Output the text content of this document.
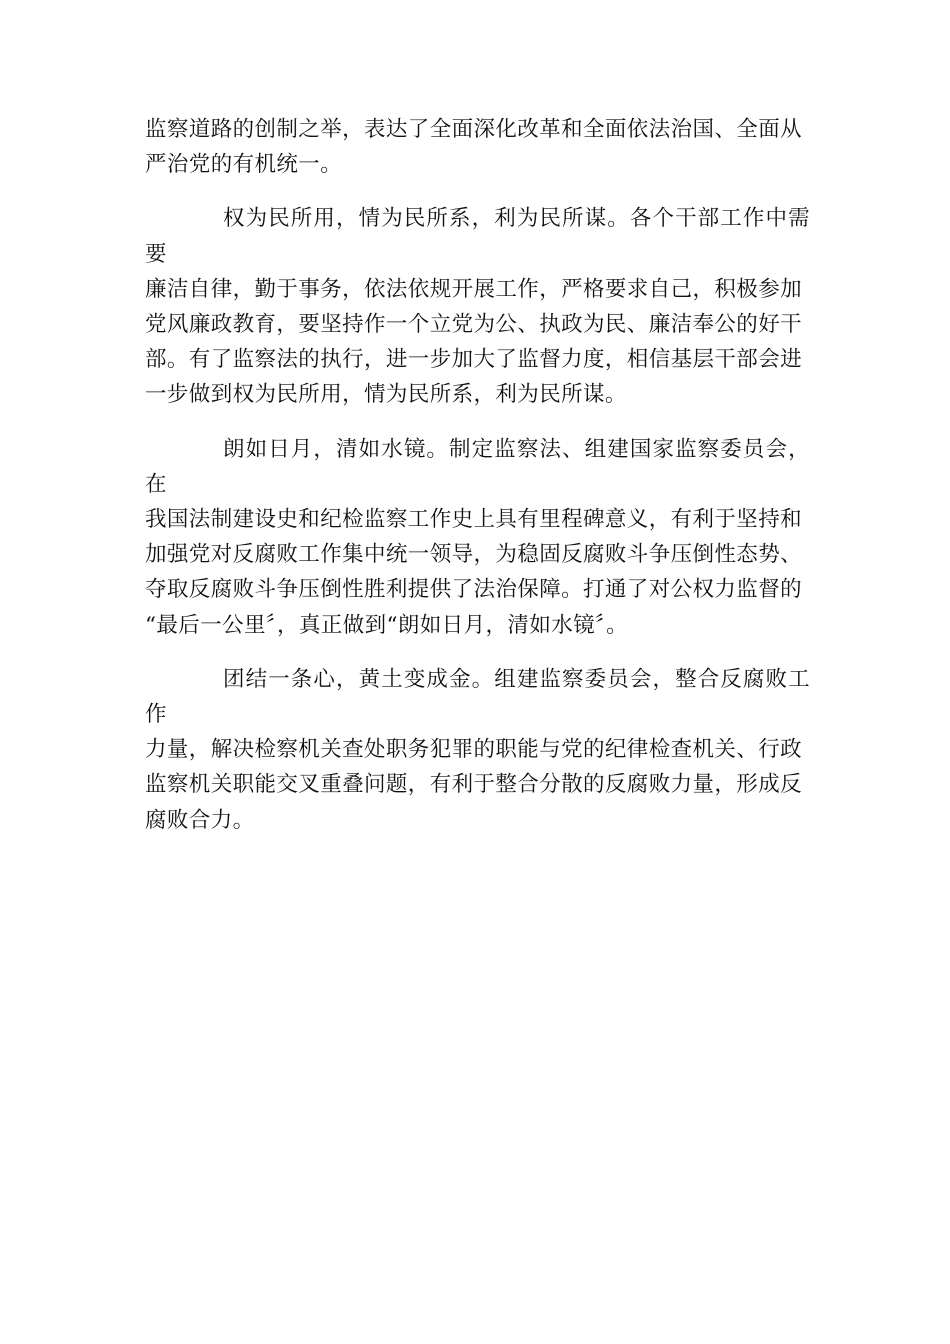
监察道路的创制之举，表达了全面深化改革和全面依法治国、全面从
严治党的有机统一。

权为民所用，情为民所系，利为民所谋。各个干部工作中需要
廉洁自律，勤于事务，依法依规开展工作，严格要求自己，积极参加
党风廉政教育，要坚持作一个立党为公、执政为民、廉洁奉公的好干
部。有了监察法的执行，进一步加大了监督力度，相信基层干部会进
一步做到权为民所用，情为民所系，利为民所谋。

朗如日月，清如水镜。制定监察法、组建国家监察委员会，在
我国法制建设史和纪检监察工作史上具有里程碑意义，有利于坚持和
加强党对反腐败工作集中统一领导，为稳固反腐败斗争压倒性态势、
夺取反腐败斗争压倒性胜利提供了法治保障。打通了对公权力监督的
“最后一公里〞，真正做到“朗如日月，清如水镜〞。

团结一条心，黄土变成金。组建监察委员会，整合反腐败工作
力量，解决检察机关查处职务犯罪的职能与党的纪律检查机关、行政
监察机关职能交叉重叠问题，有利于整合分散的反腐败力量，形成反
腐败合力。
